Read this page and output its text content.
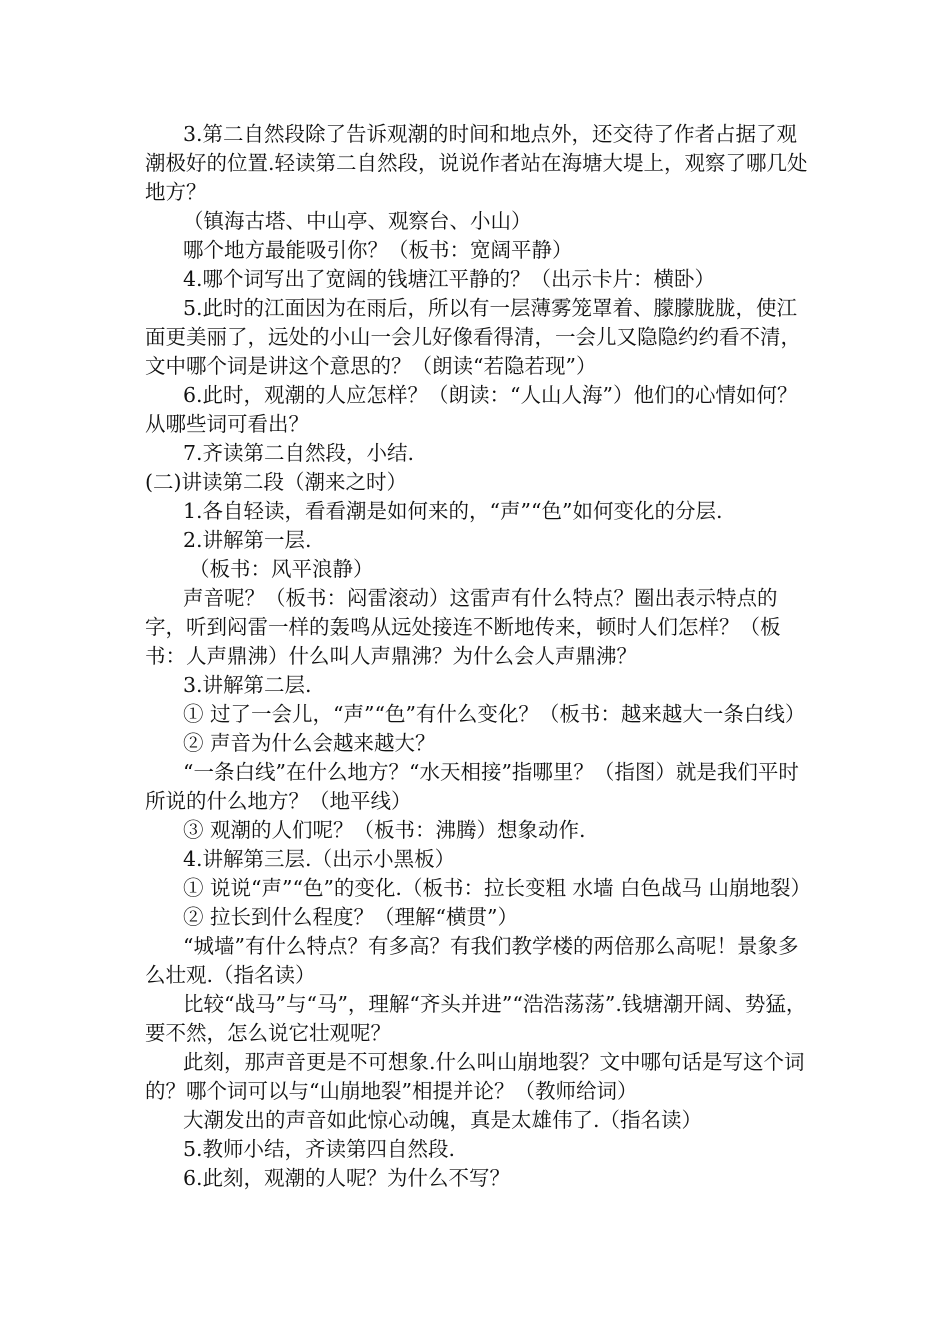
3.第二自然段除了告诉观潮的时间和地点外，还交待了作者占据了观潮极好的位置.轻读第二自然段，说说作者站在海塘大堤上，观察了哪几处地方？

（镇海古塔、中山亭、观察台、小山）

哪个地方最能吸引你？（板书：宽阔平静）

4.哪个词写出了宽阔的钱塘江平静的？（出示卡片：横卧）

5.此时的江面因为在雨后，所以有一层薄雾笼罩着、朦朦胧胧，使江面更美丽了，远处的小山一会儿好像看得清，一会儿又隐隐约约看不清，文中哪个词是讲这个意思的？（朗读“若隐若现”）

6.此时，观潮的人应怎样？（朗读：“人山人海”）他们的心情如何？从哪些词可看出？

7.齐读第二自然段，小结.

(二)讲读第二段（潮来之时）

1.各自轻读，看看潮是如何来的，“声”“色”如何变化的分层.

2.讲解第一层.

（板书：风平浪静）

声音呢？（板书：闷雷滚动）这雷声有什么特点？圈出表示特点的字，听到闷雷一样的轰鸣从远处接连不断地传来，顿时人们怎样？（板书：人声鼎沸）什么叫人声鼎沸？为什么会人声鼎沸？

3.讲解第二层.

① 过了一会儿，“声”“色”有什么变化？（板书：越来越大一条白线）

② 声音为什么会越来越大？

“一条白线”在什么地方？“水天相接”指哪里？（指图）就是我们平时所说的什么地方？（地平线）

③ 观潮的人们呢？（板书：沸腾）想象动作.

4.讲解第三层.（出示小黑板）

① 说说“声”“色”的变化.（板书：拉长变粗 水墙 白色战马 山崩地裂）

② 拉长到什么程度？（理解“横贯”）

“城墙”有什么特点？有多高？有我们教学楼的两倍那么高呢！景象多么壮观.（指名读）

比较“战马”与“马”，理解“齐头并进”“浩浩荡荡”.钱塘潮开阔、势猛，要不然，怎么说它壮观呢？

此刻，那声音更是不可想象.什么叫山崩地裂？文中哪句话是写这个词的？哪个词可以与“山崩地裂”相提并论？（教师给词）

大潮发出的声音如此惊心动魄，真是太雄伟了.（指名读）

5.教师小结，齐读第四自然段.

6.此刻，观潮的人呢？为什么不写？
